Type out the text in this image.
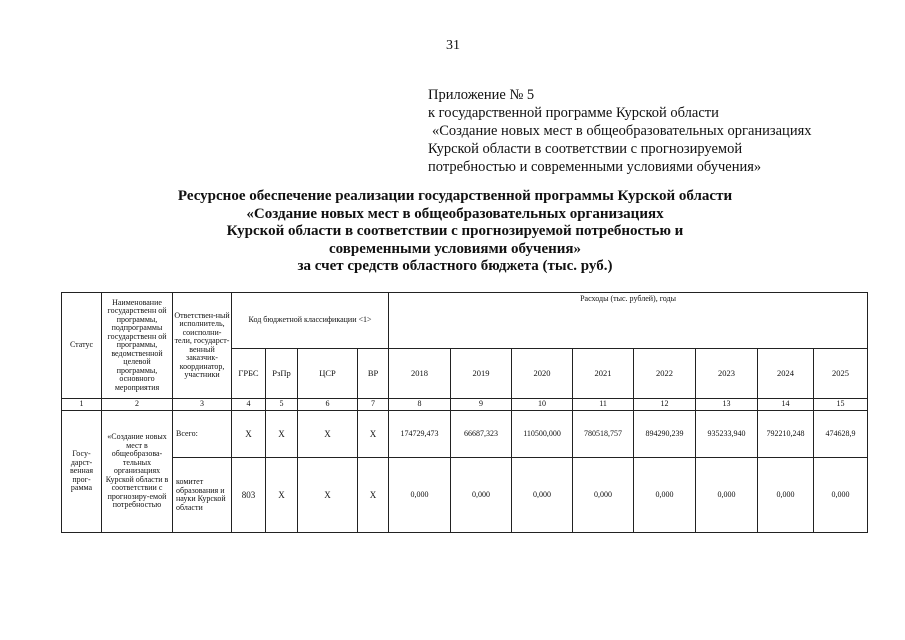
31
Приложение № 5
к государственной программе Курской области
«Создание новых мест в общеобразовательных организациях
Курской области в соответствии с прогнозируемой
потребностью и современными условиями обучения»
Ресурсное обеспечение реализации государственной программы Курской области
«Создание новых мест в общеобразовательных организациях
Курской области в соответствии с прогнозируемой потребностью и
современными условиями обучения»
за счет средств областного бюджета (тыс. руб.)
Статус	Наименование государственн ой программы, подпрограммы государственн ой программы, ведомственной целевой программы, основного мероприятия	Ответствен-ный исполнитель, соисполни-тели, государст-венный заказчик-координатор, участники	Код бюджетной классификации <1>				Расходы (тыс. рублей), годы							
			ГРБС	РзПр	ЦСР	ВР	2018	2019	2020	2021	2022	2023	2024	2025
1	2	3	4	5	6	7	8	9	10	11	12	13	14	15
Госу-дарст-венная прог-рамма	«Создание новых мест в общеобразова-тельных организациях Курской области в соответствии с прогнозиру-емой потребностью	Всего:	X	X	X	X	174729,473	66687,323	110500,000	780518,757	894290,239	935233,940	792210,248	474628,9
		комитет образования и науки Курской области	803	X	X	X	0,000	0,000	0,000	0,000	0,000	0,000	0,000	0,000
